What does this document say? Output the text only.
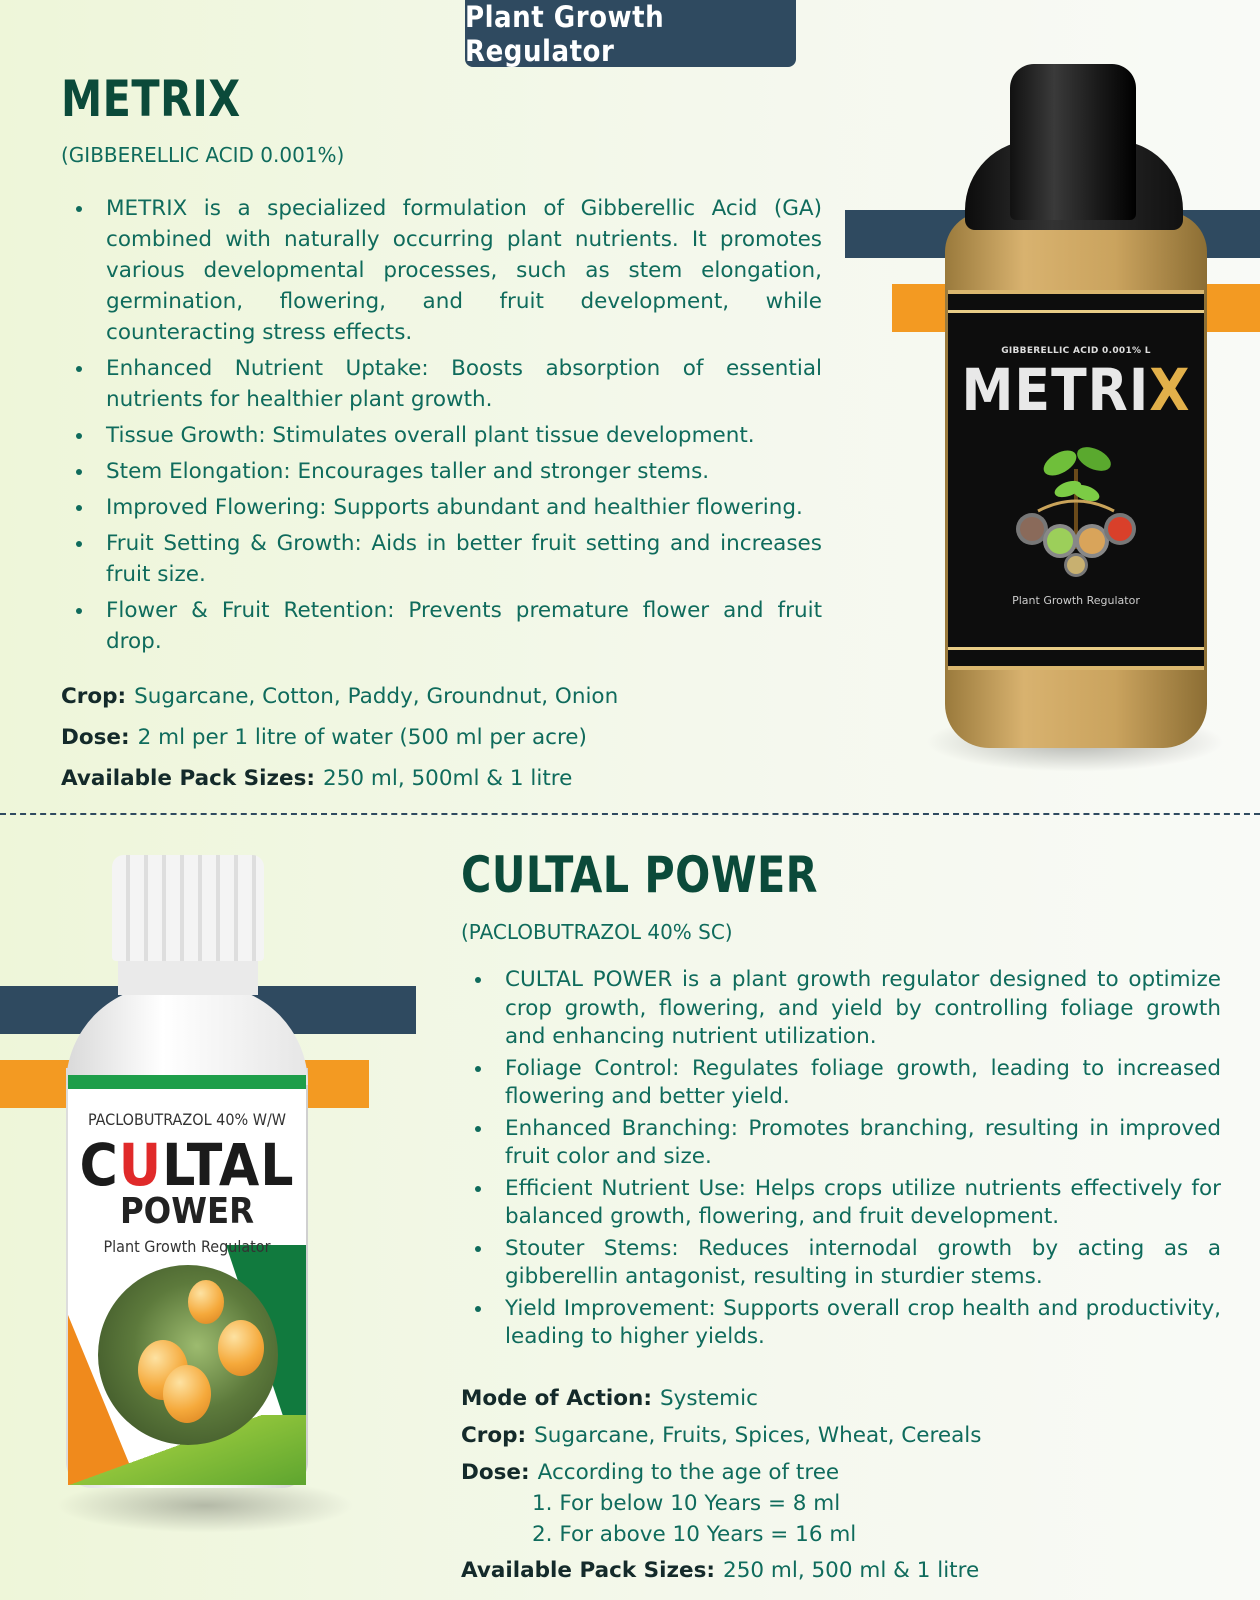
Plant Growth Regulator
METRIX

(GIBBERELLIC ACID 0.001%)

• METRIX is a specialized formulation of Gibberellic Acid (GA) combined with naturally occurring plant nutrients. It promotes various developmental processes, such as stem elongation, germination, flowering, and fruit development, while counteracting stress effects.
• Enhanced Nutrient Uptake: Boosts absorption of essential nutrients for healthier plant growth.
• Tissue Growth: Stimulates overall plant tissue development.
• Stem Elongation: Encourages taller and stronger stems.
• Improved Flowering: Supports abundant and healthier flowering.
• Fruit Setting & Growth: Aids in better fruit setting and increases fruit size.
• Flower & Fruit Retention: Prevents premature flower and fruit drop.
Crop: Sugarcane, Cotton, Paddy, Groundnut, Onion
Dose: 2 ml per 1 litre of water (500 ml per acre)
Available Pack Sizes: 250 ml, 500ml & 1 litre
GIBBERELLIC ACID 0.001% L
METRIX
Plant Growth Regulator
PACLOBUTRAZOL 40% W/W
CULTAL
POWER
Plant Growth Regulator
CULTAL POWER

(PACLOBUTRAZOL 40% SC)

• CULTAL POWER is a plant growth regulator designed to optimize crop growth, flowering, and yield by controlling foliage growth and enhancing nutrient utilization.
• Foliage Control: Regulates foliage growth, leading to increased flowering and better yield.
• Enhanced Branching: Promotes branching, resulting in improved fruit color and size.
• Efficient Nutrient Use: Helps crops utilize nutrients effectively for balanced growth, flowering, and fruit development.
• Stouter Stems: Reduces internodal growth by acting as a gibberellin antagonist, resulting in sturdier stems.
• Yield Improvement: Supports overall crop health and productivity, leading to higher yields.
Mode of Action: Systemic
Crop: Sugarcane, Fruits, Spices, Wheat, Cereals
Dose: According to the age of tree
1. For below 10 Years = 8 ml
2. For above 10 Years = 16 ml
Available Pack Sizes: 250 ml, 500 ml & 1 litre
